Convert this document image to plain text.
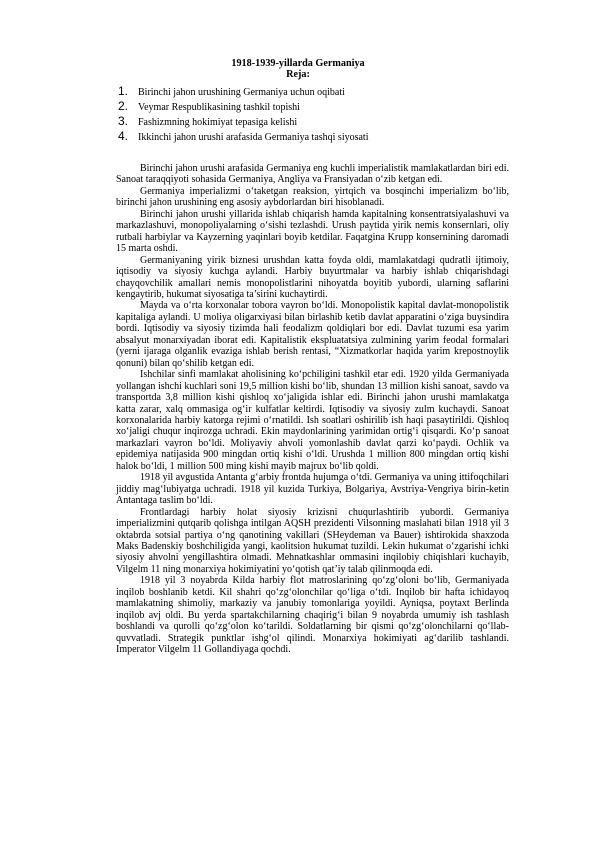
1918-1939-yillarda Germaniya
Reja:
1. Birinchi jahon urushining Germaniya uchun oqibati
2. Veymar Respublikasining tashkil topishi
3. Fashizmning hokimiyat tepasiga kelishi
4. Ikkinchi jahon urushi arafasida Germaniya tashqi siyosati

Birinchi jahon urushi arafasida Germaniya eng kuchli imperialistik mamlakatlardan biri edi. Sanoat taraqqiyoti sohasida Germaniya, Angliya va Fransiyadan o‘zib ketgan edi.

Germaniya imperializmi o‘taketgan reaksion, yirtqich va bosqinchi imperializm bo‘lib, birinchi jahon urushining eng asosiy aybdorlardan biri hisoblanadi.

Birinchi jahon urushi yillarida ishlab chiqarish hamda kapitalning konsentratsiyalashuvi va markazlashuvi, monopoliyalarning o‘sishi tezlashdi. Urush paytida yirik nemis konsernlari, oliy rutbali harbiylar va Kayzerning yaqinlari boyib ketdilar. Faqatgina Krupp konsernining daromadi 15 marta oshdi.

Germaniyaning yirik biznesi urushdan katta foyda oldi, mamlakatdagi qudratli ijtimoiy, iqtisodiy va siyosiy kuchga aylandi. Harbiy buyurtmalar va harbiy ishlab chiqarishdagi chayqovchilik amallari nemis monopolistlarini nihoyatda boyitib yubordi, ularning saflarini kengaytirib, hukumat siyosatiga ta’sirini kuchaytirdi.

Mayda va o‘rta korxonalar tobora vayron bo‘ldi. Monopolistik kapital davlat-monopolistik kapitaliga aylandi. U moliya oligarxiyasi bilan birlashib ketib davlat apparatini o‘ziga buysindira bordi. Iqtisodiy va siyosiy tizimda hali feodalizm qoldiqlari bor edi. Davlat tuzumi esa yarim absalyut monarxiyadan iborat edi. Kapitalistik ekspluatatsiya zulmining yarim feodal formalari (yerni ijaraga olganlik evaziga ishlab berish rentasi, “Xizmatkorlar haqida yarim krepostnoylik qonuni) bilan qo‘shilib ketgan edi.

Ishchilar sinfi mamlakat aholisining ko‘pchiligini tashkil etar edi. 1920 yilda Germaniyada yollangan ishchi kuchlari soni 19,5 million kishi bo‘lib, shundan 13 million kishi sanoat, savdo va transportda 3,8 million kishi qishloq xo‘jaligida ishlar edi. Birinchi jahon urushi mamlakatga katta zarar, xalq ommasiga og‘ir kulfatlar keltirdi. Iqtisodiy va siyosiy zulm kuchaydi. Sanoat korxonalarida harbiy katorga rejimi o‘rnatildi. Ish soatlari oshirilib ish haqi pasaytirildi. Qishloq xo‘jaligi chuqur inqirozga uchradi. Ekin maydonlarining yarimidan ortig‘i qisqardi. Ko‘p sanoat markazlari vayron bo‘ldi. Moliyaviy ahvoli yomonlashib davlat qarzi ko‘paydi. Ochlik va epidemiya natijasida 900 mingdan ortiq kishi o‘ldi. Urushda 1 million 800 mingdan ortiq kishi halok bo‘ldi, 1 million 500 ming kishi mayib majrux bo‘lib qoldi.

1918 yil avgustida Antanta g‘arbiy frontda hujumga o‘tdi. Germaniya va uning ittifoqchilari jiddiy mag‘lubiyatga uchradi. 1918 yil kuzida Turkiya, Bolgariya, Avstriya-Vengriya birin-ketin Antantaga taslim bo‘ldi.

Frontlardagi harbiy holat siyosiy krizisni chuqurlashtirib yubordi. Germaniya imperializmini qutqarib qolishga intilgan AQSH prezidenti Vilsonning maslahati bilan 1918 yil 3 oktabrda sotsial partiya o‘ng qanotining vakillari (SHeydeman va Bauer) ishtirokida shaxzoda Maks Badenskiy boshchiligida yangi, kaolitsion hukumat tuzildi. Lekin hukumat o‘zgarishi ichki siyosiy ahvolni yengillashtira olmadi. Mehnatkashlar ommasini inqilobiy chiqishlari kuchayib, Vilgelm 11 ning monarxiya hokimiyatini yo‘qotish qat’iy talab qilinmoqda edi.

1918 yil 3 noyabrda Kilda harbiy flot matroslarining qo‘zg‘oloni bo‘lib, Germaniyada inqilob boshlanib ketdi. Kil shahri qo‘zg‘olonchilar qo‘liga o‘tdi. Inqilob bir hafta ichidayoq mamlakatning shimoliy, markaziy va janubiy tomonlariga yoyildi. Ayniqsa, poytaxt Berlinda inqilob avj oldi. Bu yerda spartakchilarning chaqirig‘i bilan 9 noyabrda umumiy ish tashlash boshlandi va qurolli qo‘zg‘olon ko‘tarildi. Soldatlarning bir qismi qo‘zg‘olonchilarni qo‘llab-quvvatladi. Strategik punktlar ishg‘ol qilindi. Monarxiya hokimiyati ag‘darilib tashlandi. Imperator Vilgelm 11 Gollandiyaga qochdi.
